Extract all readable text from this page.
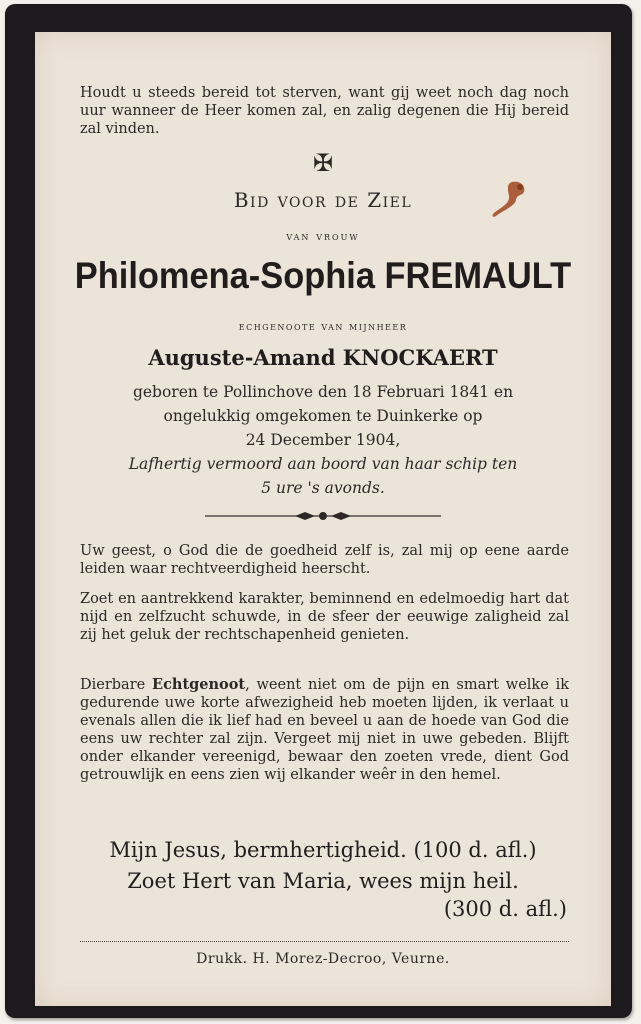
Houdt u steeds bereid tot sterven, want gij weet noch dag noch uur wanneer de Heer komen zal, en zalig degenen die Hij bereid zal vinden.

✠
Bid voor de Ziel
van vrouw
Philomena-Sophia FREMAULT
echgenoote van mijnheer
Auguste-Amand KNOCKAERT
geboren te Pollinchove den 18 Februari 1841 en
ongelukkig omgekomen te Duinkerke op
24 December 1904,
Lafhertig vermoord aan boord van haar schip ten
5 ure 's avonds.

Uw geest, o God die de goedheid zelf is, zal mij op eene aarde leiden waar rechtveerdigheid heerscht.

Zoet en aantrekkend karakter, beminnend en edelmoedig hart dat nijd en zelfzucht schuwde, in de sfeer der eeuwige zaligheid zal zij het geluk der rechtschapenheid genieten.

Dierbare Echtgenoot, weent niet om de pijn en smart welke ik gedurende uwe korte afwezigheid heb moeten lijden, ik verlaat u evenals allen die ik lief had en beveel u aan de hoede van God die eens uw rechter zal zijn. Vergeet mij niet in uwe gebeden. Blijft onder elkander vereenigd, bewaar den zoeten vrede, dient God getrouwlijk en eens zien wij elkander weêr in den hemel.

Mijn Jesus, bermhertigheid. (100 d. afl.)
Zoet Hert van Maria, wees mijn heil.
(300 d. afl.)
Drukk. H. Morez-Decroo, Veurne.
